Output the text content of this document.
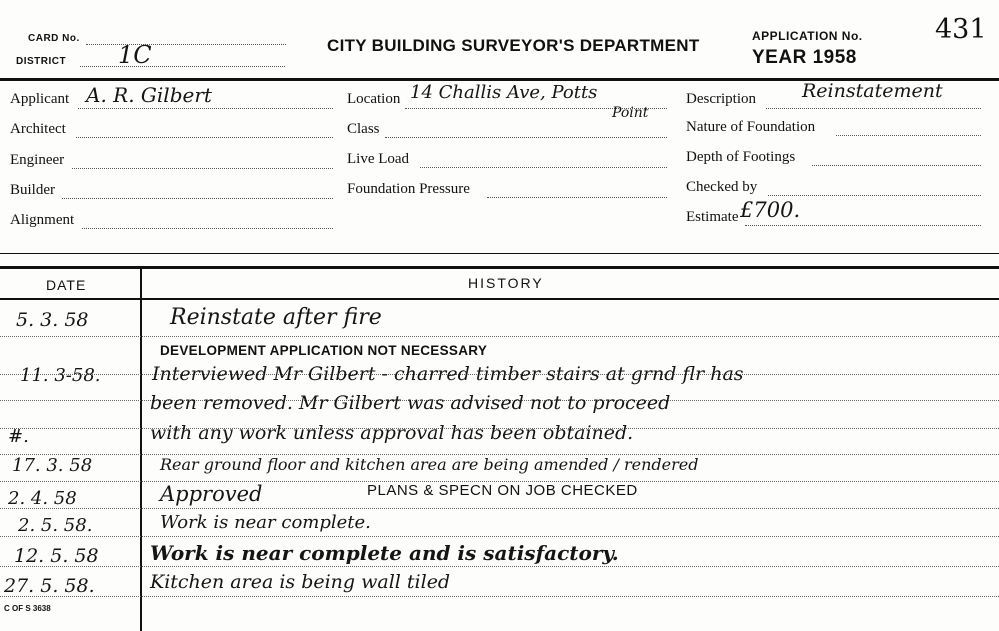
CARD No.
DISTRICT 1C	CITY BUILDING SURVEYOR'S DEPARTMENT	APPLICATION No.	431
YEAR 1958
Applicant A. R. Gilbert
Architect
Engineer
Builder
Alignment
Location 14 Challis Ave, Potts
Point
Class
Live Load
Foundation Pressure
Description Reinstatement
Nature of Foundation
Depth of Footings
Checked by
Estimate £700.
DATE	HISTORY
5. 3. 58	Reinstate after fire
DEVELOPMENT APPLICATION NOT NECESSARY
11. 3-58.	Interviewed Mr Gilbert - charred timber stairs at grnd flr has
been removed. Mr Gilbert was advised not to proceed
#.	with any work unless approval has been obtained.
17. 3. 58	Rear ground floor and kitchen area are being amended / rendered
2. 4. 58	Approved	PLANS & SPECN ON JOB CHECKED
2. 5. 58.	Work is near complete.
12. 5. 58	Work is near complete and is satisfactory.
27. 5. 58.	Kitchen area is being wall tiled
C OF S 3638
